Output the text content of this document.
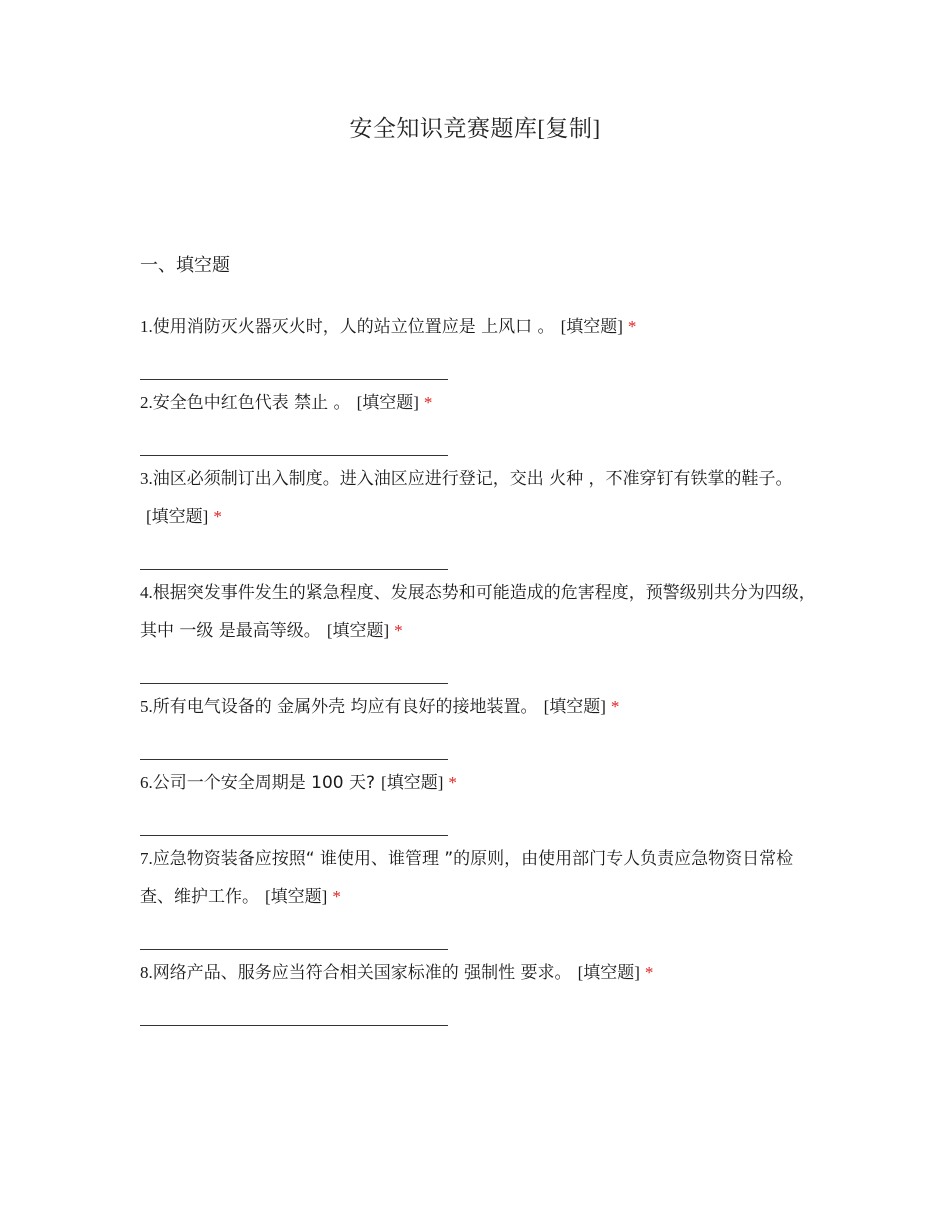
安全知识竞赛题库[复制]
一、填空题
1.使用消防灭火器灭火时，人的站立位置应是 上风口 。 [填空题] *
2.安全色中红色代表 禁止 。 [填空题] *
3.油区必须制订出入制度。进入油区应进行登记，交出 火种 ，不准穿钉有铁掌的鞋子。[填空题] *
4.根据突发事件发生的紧急程度、发展态势和可能造成的危害程度，预警级别共分为四级，其中 一级 是最高等级。 [填空题] *
5.所有电气设备的 金属外壳 均应有良好的接地装置。 [填空题] *
6.公司一个安全周期是 100 天? [填空题] *
7.应急物资装备应按照“ 谁使用、谁管理 ”的原则，由使用部门专人负责应急物资日常检查、维护工作。 [填空题] *
8.网络产品、服务应当符合相关国家标准的 强制性 要求。 [填空题] *
